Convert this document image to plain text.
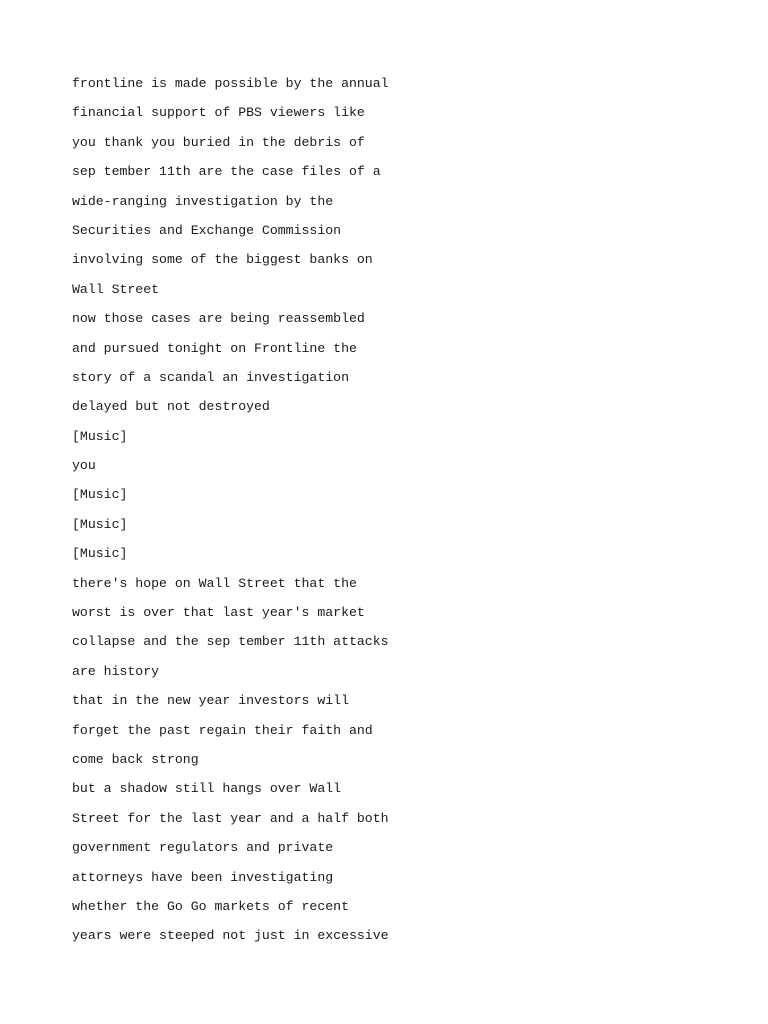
frontline is made possible by the annual
financial support of PBS viewers like
you thank you buried in the debris of
sep tember 11th are the case files of a
wide-ranging investigation by the
Securities and Exchange Commission
involving some of the biggest banks on
Wall Street
now those cases are being reassembled
and pursued tonight on Frontline the
story of a scandal an investigation
delayed but not destroyed
[Music]
you
[Music]
[Music]
[Music]
there's hope on Wall Street that the
worst is over that last year's market
collapse and the sep tember 11th attacks
are history
that in the new year investors will
forget the past regain their faith and
come back strong
but a shadow still hangs over Wall
Street for the last year and a half both
government regulators and private
attorneys have been investigating
whether the Go Go markets of recent
years were steeped not just in excessive
